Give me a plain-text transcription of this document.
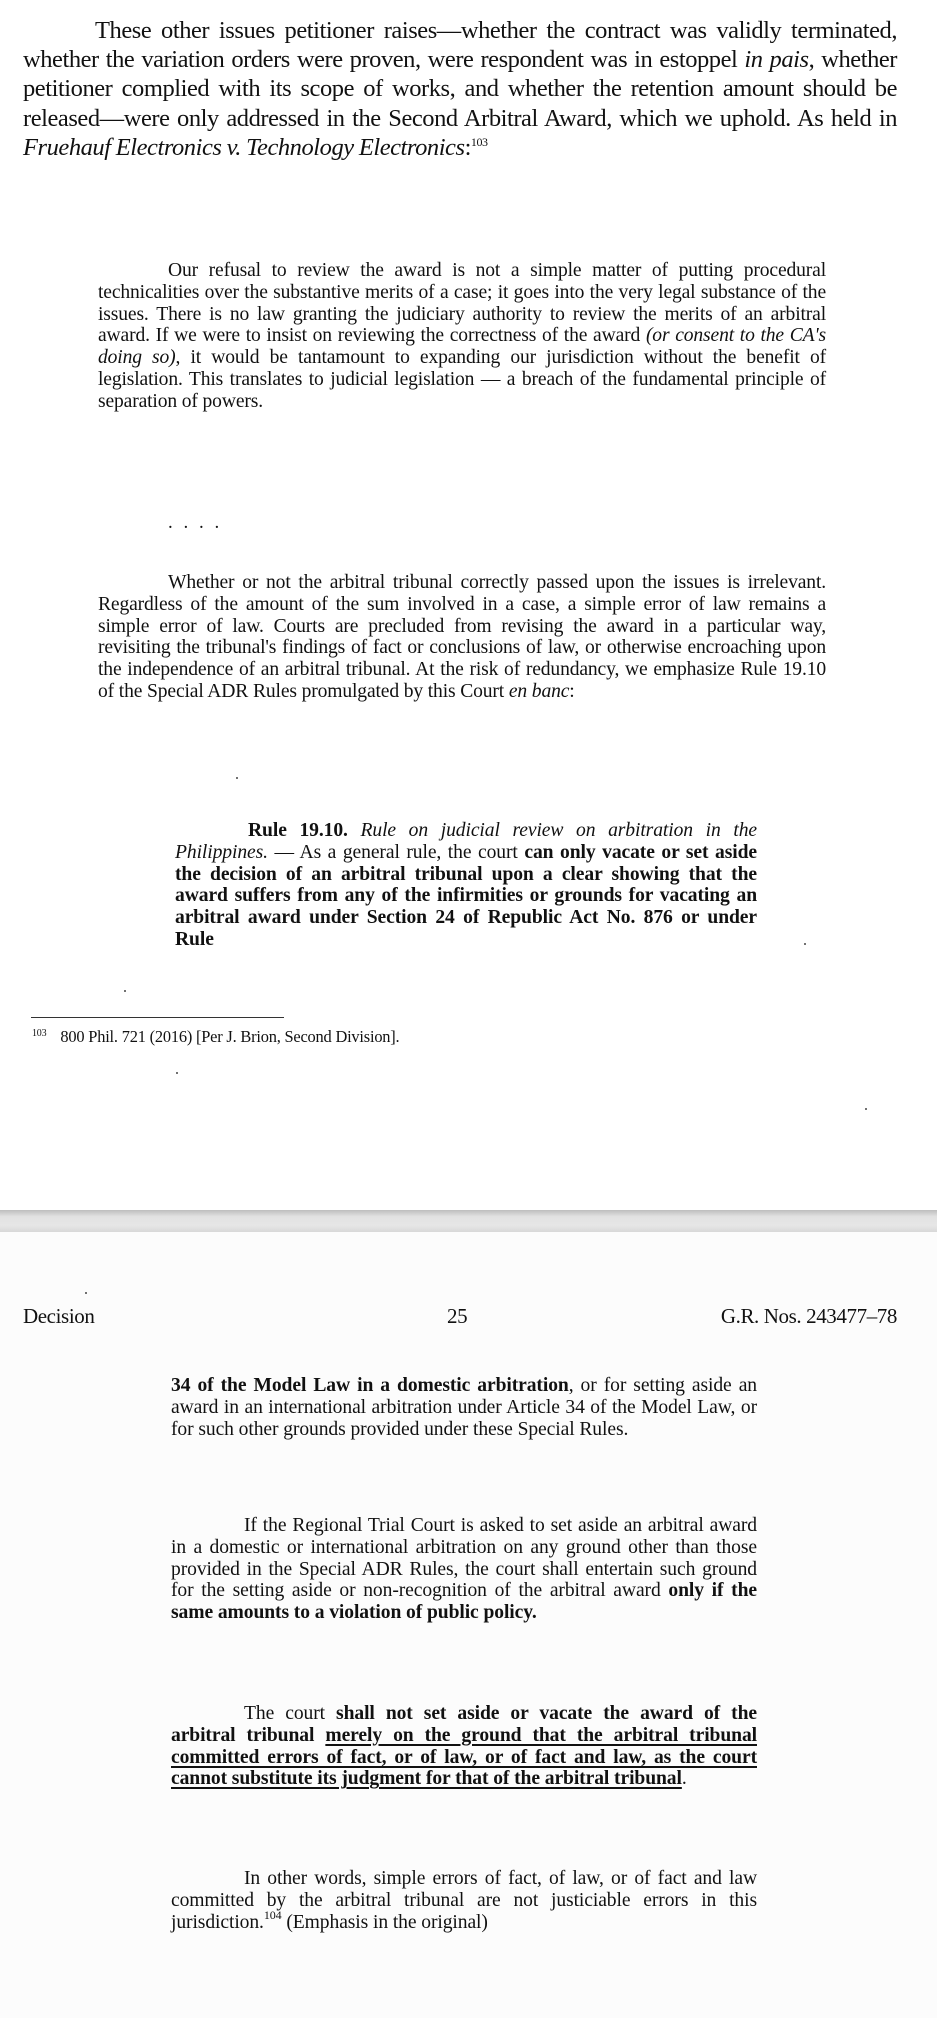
These other issues petitioner raises—whether the contract was validly terminated, whether the variation orders were proven, were respondent was in estoppel in pais, whether petitioner complied with its scope of works, and whether the retention amount should be released—were only addressed in the Second Arbitral Award, which we uphold. As held in Fruehauf Electronics v. Technology Electronics:$^{103}$

Our refusal to review the award is not a simple matter of putting procedural technicalities over the substantive merits of a case; it goes into the very legal substance of the issues. There is no law granting the judiciary authority to review the merits of an arbitral award. If we were to insist on reviewing the correctness of the award (or consent to the CA's doing so), it would be tantamount to expanding our jurisdiction without the benefit of legislation. This translates to judicial legislation — a breach of the fundamental principle of separation of powers.

. . . .

Whether or not the arbitral tribunal correctly passed upon the issues is irrelevant. Regardless of the amount of the sum involved in a case, a simple error of law remains a simple error of law. Courts are precluded from revising the award in a particular way, revisiting the tribunal's findings of fact or conclusions of law, or otherwise encroaching upon the independence of an arbitral tribunal. At the risk of redundancy, we emphasize Rule 19.10 of the Special ADR Rules promulgated by this Court en banc:

Rule 19.10. Rule on judicial review on arbitration in the Philippines. — As a general rule, the court can only vacate or set aside the decision of an arbitral tribunal upon a clear showing that the award suffers from any of the infirmities or grounds for vacating an arbitral award under Section 24 of Republic Act No. 876 or under Rule

$^{103}$ 800 Phil. 721 (2016) [Per J. Brion, Second Division].
Decision	25	G.R. Nos. 243477–78

34 of the Model Law in a domestic arbitration, or for setting aside an award in an international arbitration under Article 34 of the Model Law, or for such other grounds provided under these Special Rules.

If the Regional Trial Court is asked to set aside an arbitral award in a domestic or international arbitration on any ground other than those provided in the Special ADR Rules, the court shall entertain such ground for the setting aside or non-recognition of the arbitral award only if the same amounts to a violation of public policy.

The court shall not set aside or vacate the award of the arbitral tribunal merely on the ground that the arbitral tribunal committed errors of fact, or of law, or of fact and law, as the court cannot substitute its judgment for that of the arbitral tribunal.

In other words, simple errors of fact, of law, or of fact and law committed by the arbitral tribunal are not justiciable errors in this jurisdiction.$^{104}$ (Emphasis in the original)
